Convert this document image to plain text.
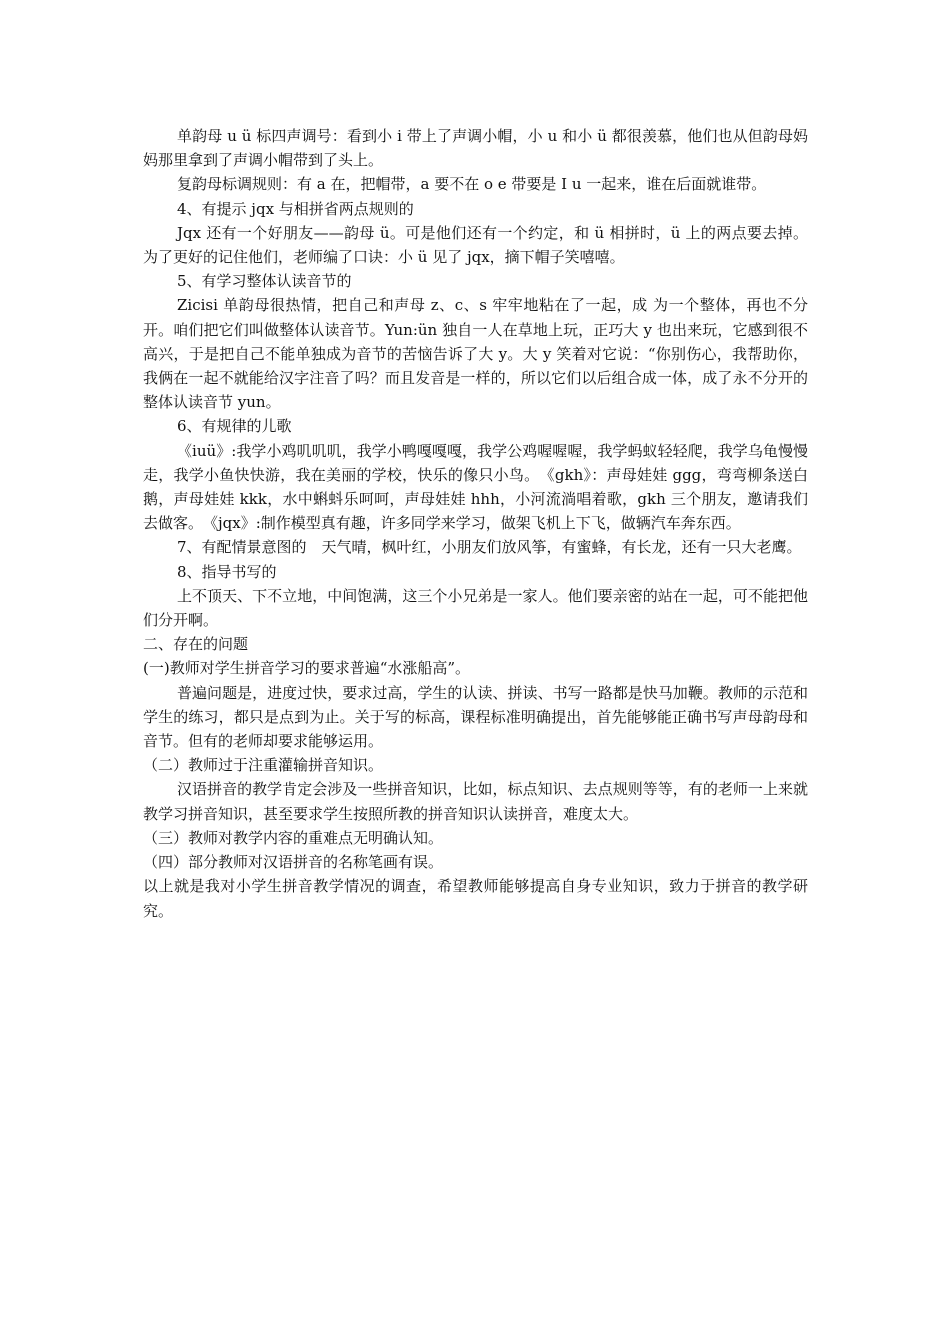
单韵母 u ü 标四声调号：看到小 i 带上了声调小帽，小 u 和小 ü 都很羡慕，他们也从但韵母妈妈那里拿到了声调小帽带到了头上。

复韵母标调规则：有 a 在，把帽带，a 要不在 o e 带要是 I u 一起来，谁在后面就谁带。

4、有提示 jqx 与相拼省两点规则的

Jqx 还有一个好朋友——韵母 ü。可是他们还有一个约定，和 ü 相拼时，ü 上的两点要去掉。为了更好的记住他们，老师编了口诀：小 ü 见了 jqx，摘下帽子笑嘻嘻。

5、有学习整体认读音节的

Zicisi 单韵母很热情，把自己和声母 z、c、s 牢牢地粘在了一起，成 为一个整体，再也不分开。咱们把它们叫做整体认读音节。Yun:ün 独自一人在草地上玩，正巧大 y 也出来玩，它感到很不高兴，于是把自己不能单独成为音节的苦恼告诉了大 y。大 y 笑着对它说：“你别伤心，我帮助你，我俩在一起不就能给汉字注音了吗？而且发音是一样的，所以它们以后组合成一体，成了永不分开的整体认读音节 yun。

6、有规律的儿歌

《iuü》:我学小鸡叽叽叽，我学小鸭嘎嘎嘎，我学公鸡喔喔喔，我学蚂蚁轻轻爬，我学乌龟慢慢走，我学小鱼快快游，我在美丽的学校，快乐的像只小鸟。　《gkh》：声母娃娃 ggg，弯弯柳条送白鹅，声母娃娃 kkk，水中蝌蚪乐呵呵，声母娃娃 hhh，小河流淌唱着歌，gkh 三个朋友，邀请我们去做客。　《jqx》:制作模型真有趣，许多同学来学习，做架飞机上下飞，做辆汽车奔东西。

7、有配情景意图的　天气晴，枫叶红，小朋友们放风筝，有蜜蜂，有长龙，还有一只大老鹰。

8、指导书写的

上不顶天、下不立地，中间饱满，这三个小兄弟是一家人。他们要亲密的站在一起，可不能把他们分开啊。

二、存在的问题

(一)教师对学生拼音学习的要求普遍“水涨船高”。

普遍问题是，进度过快，要求过高，学生的认读、拼读、书写一路都是快马加鞭。教师的示范和学生的练习，都只是点到为止。关于写的标高，课程标准明确提出，首先能够能正确书写声母韵母和音节。但有的老师却要求能够运用。

（二）教师过于注重灌输拼音知识。

汉语拼音的教学肯定会涉及一些拼音知识，比如，标点知识、去点规则等等，有的老师一上来就教学习拼音知识，甚至要求学生按照所教的拼音知识认读拼音，难度太大。

（三）教师对教学内容的重难点无明确认知。

（四）部分教师对汉语拼音的名称笔画有误。

以上就是我对小学生拼音教学情况的调查，希望教师能够提高自身专业知识，致力于拼音的教学研究。
